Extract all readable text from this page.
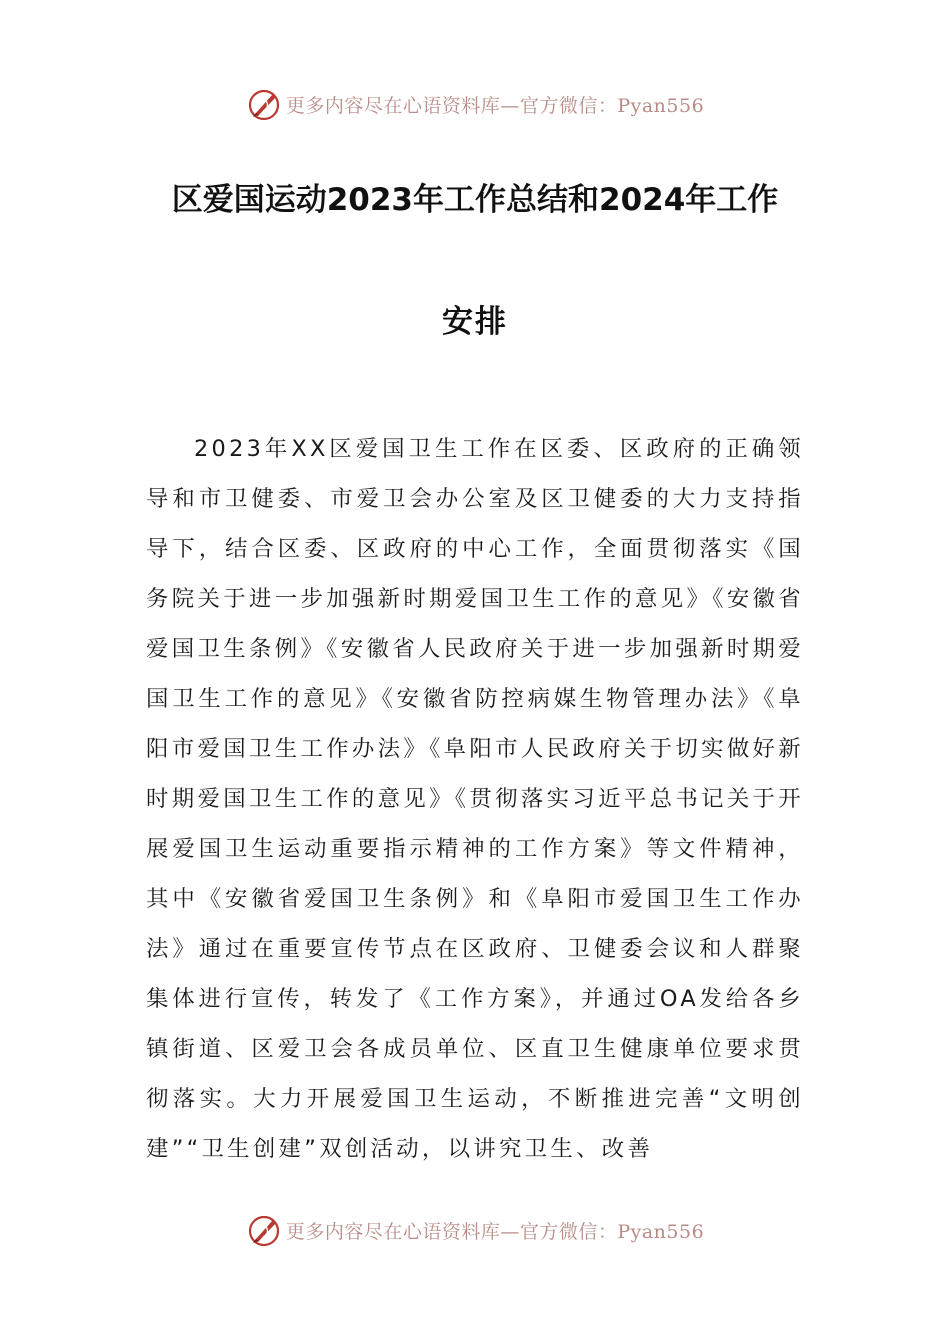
更多内容尽在心语资料库—官方微信：Pyan556
区爱国运动2023年工作总结和2024年工作
安排

2023年XX区爱国卫生工作在区委、区政府的正确领导和市卫健委、市爱卫会办公室及区卫健委的大力支持指导下，结合区委、区政府的中心工作，全面贯彻落实《国务院关于进一步加强新时期爱国卫生工作的意见》《安徽省爱国卫生条例》《安徽省人民政府关于进一步加强新时期爱国卫生工作的意见》《安徽省防控病媒生物管理办法》《阜阳市爱国卫生工作办法》《阜阳市人民政府关于切实做好新时期爱国卫生工作的意见》《贯彻落实习近平总书记关于开展爱国卫生运动重要指示精神的工作方案》等文件精神，其中《安徽省爱国卫生条例》和《阜阳市爱国卫生工作办法》通过在重要宣传节点在区政府、卫健委会议和人群聚集体进行宣传，转发了《工作方案》，并通过OA发给各乡镇街道、区爱卫会各成员单位、区直卫生健康单位要求贯彻落实。大力开展爱国卫生运动，不断推进完善“文明创建”“卫生创建”双创活动，以讲究卫生、改善

更多内容尽在心语资料库—官方微信：Pyan556
